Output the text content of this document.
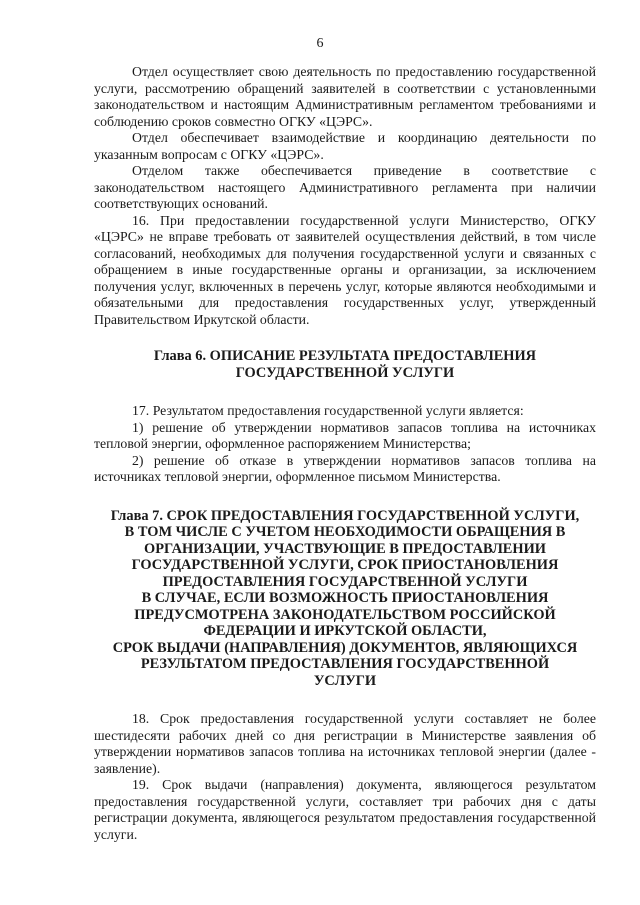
6

Отдел осуществляет свою деятельность по предоставлению государственной услуги, рассмотрению обращений заявителей в соответствии с установленными законодательством и настоящим Административным регламентом требованиями и соблюдению сроков совместно ОГКУ «ЦЭРС».

Отдел обеспечивает взаимодействие и координацию деятельности по указанным вопросам с ОГКУ «ЦЭРС».

Отделом также обеспечивается приведение в соответствие с законодательством настоящего Административного регламента при наличии соответствующих оснований.

16. При предоставлении государственной услуги Министерство, ОГКУ «ЦЭРС» не вправе требовать от заявителей осуществления действий, в том числе согласований, необходимых для получения государственной услуги и связанных с обращением в иные государственные органы и организации, за исключением получения услуг, включенных в перечень услуг, которые являются необходимыми и обязательными для предоставления государственных услуг, утвержденный Правительством Иркутской области.

Глава 6. ОПИСАНИЕ РЕЗУЛЬТАТА ПРЕДОСТАВЛЕНИЯ

ГОСУДАРСТВЕННОЙ УСЛУГИ

17. Результатом предоставления государственной услуги является:

1) решение об утверждении нормативов запасов топлива на источниках тепловой энергии, оформленное распоряжением Министерства;

2) решение об отказе в утверждении нормативов запасов топлива на источниках тепловой энергии, оформленное письмом Министерства.

Глава 7. СРОК ПРЕДОСТАВЛЕНИЯ ГОСУДАРСТВЕННОЙ УСЛУГИ,

В ТОМ ЧИСЛЕ С УЧЕТОМ НЕОБХОДИМОСТИ ОБРАЩЕНИЯ В

ОРГАНИЗАЦИИ, УЧАСТВУЮЩИЕ В ПРЕДОСТАВЛЕНИИ

ГОСУДАРСТВЕННОЙ УСЛУГИ, СРОК ПРИОСТАНОВЛЕНИЯ

ПРЕДОСТАВЛЕНИЯ ГОСУДАРСТВЕННОЙ УСЛУГИ

В СЛУЧАЕ, ЕСЛИ ВОЗМОЖНОСТЬ ПРИОСТАНОВЛЕНИЯ

ПРЕДУСМОТРЕНА ЗАКОНОДАТЕЛЬСТВОМ РОССИЙСКОЙ

ФЕДЕРАЦИИ И ИРКУТСКОЙ ОБЛАСТИ,

СРОК ВЫДАЧИ (НАПРАВЛЕНИЯ) ДОКУМЕНТОВ, ЯВЛЯЮЩИХСЯ

РЕЗУЛЬТАТОМ ПРЕДОСТАВЛЕНИЯ ГОСУДАРСТВЕННОЙ

УСЛУГИ

18. Срок предоставления государственной услуги составляет не более шестидесяти рабочих дней со дня регистрации в Министерстве заявления об утверждении нормативов запасов топлива на источниках тепловой энергии (далее - заявление).

19. Срок выдачи (направления) документа, являющегося результатом предоставления государственной услуги, составляет три рабочих дня с даты регистрации документа, являющегося результатом предоставления государственной услуги.
